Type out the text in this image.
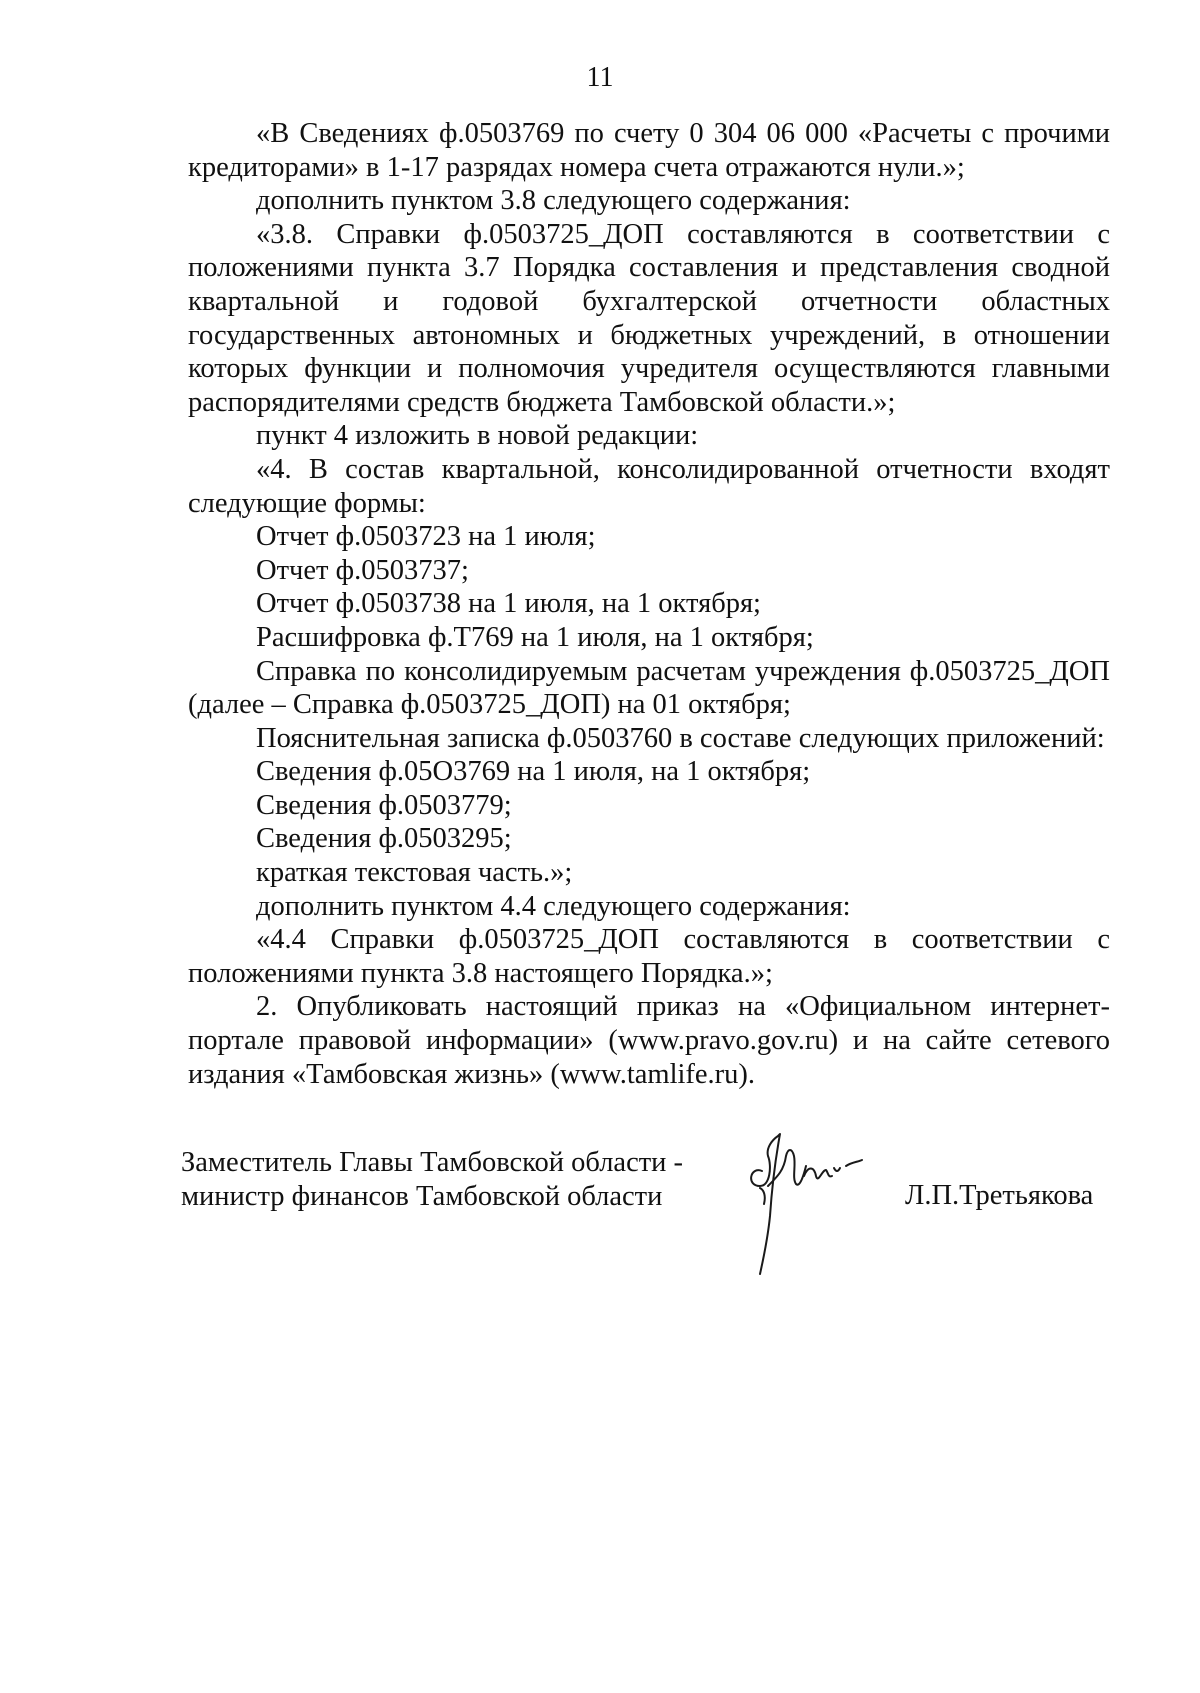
11

«В Сведениях ф.0503769 по счету 0 304 06 000 «Расчеты с прочими кредиторами» в 1-17 разрядах номера счета отражаются нули.»;

дополнить пунктом 3.8 следующего содержания:

«3.8. Справки ф.0503725_ДОП составляются в соответствии с положениями пункта 3.7 Порядка составления и представления сводной квартальной и годовой бухгалтерской отчетности областных государственных автономных и бюджетных учреждений, в отношении которых функции и полномочия учредителя осуществляются главными распорядителями средств бюджета Тамбовской области.»;

пункт 4 изложить в новой редакции:

«4. В состав квартальной, консолидированной отчетности входят следующие формы:

Отчет ф.0503723 на 1 июля;

Отчет ф.0503737;

Отчет ф.0503738 на 1 июля, на 1 октября;

Расшифровка ф.Т769 на 1 июля, на 1 октября;

Справка по консолидируемым расчетам учреждения ф.0503725_ДОП (далее – Справка ф.0503725_ДОП) на 01 октября;

Пояснительная записка ф.0503760 в составе следующих приложений:

Сведения ф.05О3769 на 1 июля, на 1 октября;

Сведения ф.0503779;

Сведения ф.0503295;

краткая текстовая часть.»;

дополнить пунктом 4.4 следующего содержания:

«4.4 Справки ф.0503725_ДОП составляются в соответствии с положениями пункта 3.8 настоящего Порядка.»;

2. Опубликовать настоящий приказ на «Официальном интернет-портале правовой информации» (www.pravo.gov.ru) и на сайте сетевого издания «Тамбовская жизнь» (www.tamlife.ru).

Заместитель Главы Тамбовской области -
министр финансов Тамбовской области	Л.П.Третьякова
